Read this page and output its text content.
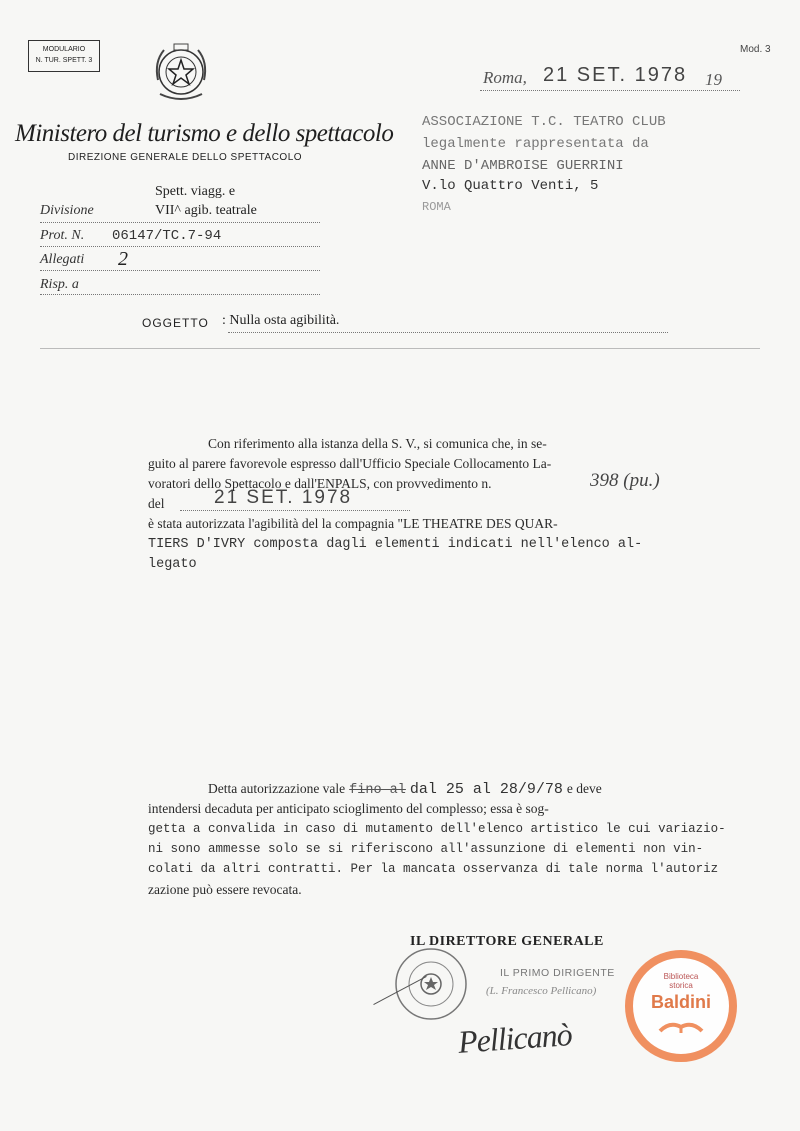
MODULARIO
N. TUR. SPETT. 3
Mod. 3
Ministero del turismo e dello spettacolo
DIREZIONE GENERALE DELLO SPETTACOLO
Roma, 21 SET. 1978 19
ASSOCIAZIONE T.C. TEATRO CLUB
legalmente rappresentata da
ANNE D'AMBROISE GUERRINI
V.lo Quattro Venti, 5
ROMA
Spett. viagg. e
Divisione	VII^ agib. teatrale
Prot. N. 06147/TC.7-94
Allegati 2
Risp. a
OGGETTO : Nulla osta agibilità.
Con riferimento alla istanza della S. V., si comunica che, in se-
guito al parere favorevole espresso dall'Ufficio Speciale Collocamento La-
voratori dello Spettacolo e dall'ENPALS, con provvedimento n.	398 (pu.)
del	21 SET. 1978
è stata autorizzata l'agibilità del la compagnia "LE THEATRE DES QUAR-
TIERS D'IVRY composta dagli elementi indicati nell'elenco al-
legato
Detta autorizzazione vale fino al dal 25 al 28/9/78 e deve
intendersi decaduta per anticipato scioglimento del complesso; essa è sog-
getta a convalida in caso di mutamento dell'elenco artistico le cui variazio-
ni sono ammesse solo se si riferiscono all'assunzione di elementi non vin-
colati da altri contratti. Per la mancata osservanza di tale norma l'autoriz
zazione può essere revocata.
IL DIRETTORE GENERALE
IL PRIMO DIRIGENTE
(L. Francesco Pellicano)
Pellicanò
Biblioteca
storica
Baldini
